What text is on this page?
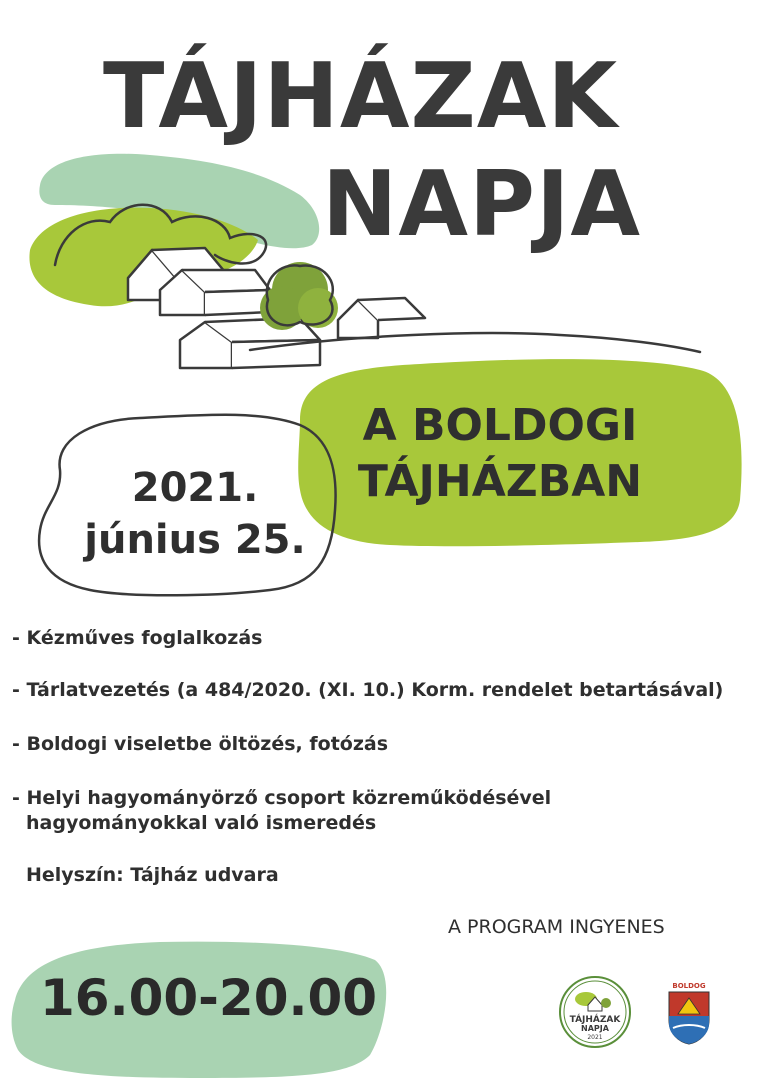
TÁJHÁZAK
NAPJA
A BOLDOGI
TÁJHÁZBAN
2021.
június 25.
- Kézműves foglalkozás
- Tárlatvezetés (a 484/2020. (XI. 10.) Korm. rendelet betartásával)
- Boldogi viseletbe öltözés, fotózás
- Helyi hagyományörző csoport közreműködésével
hagyományokkal való ismeredés
Helyszín: Tájház udvara
A PROGRAM INGYENES
16.00-20.00	TÁJHÁZAK
NAPJA
2021
BOLDOG
